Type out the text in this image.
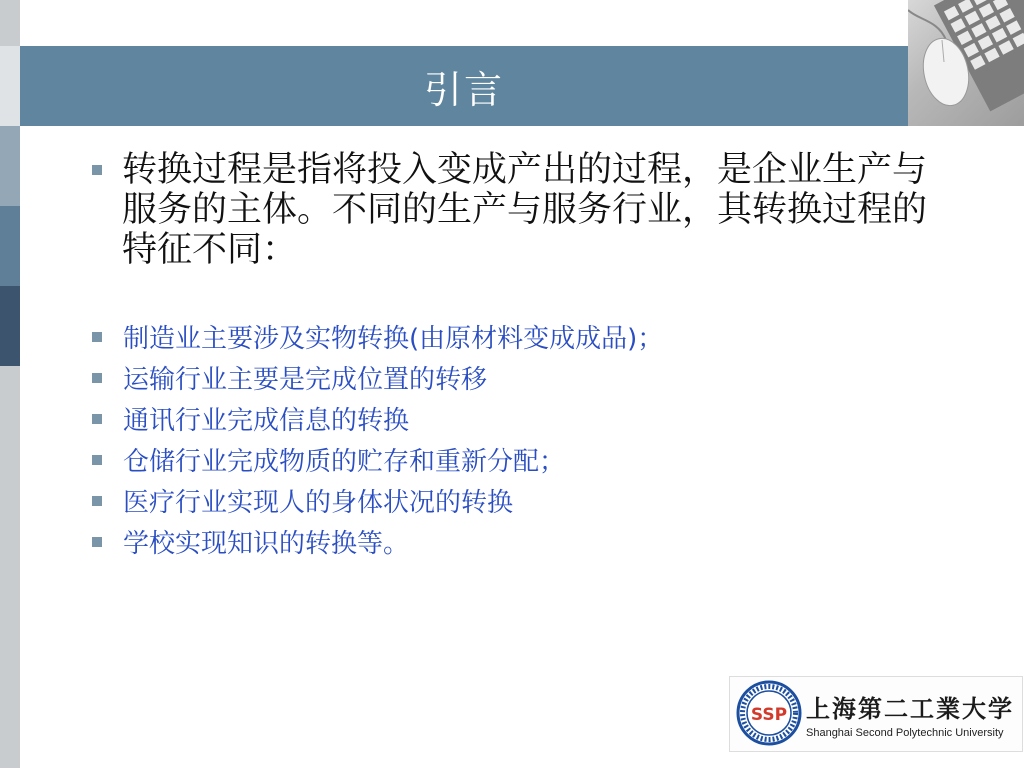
引言
转换过程是指将投入变成产出的过程，是企业生产与服务的主体。不同的生产与服务行业，其转换过程的特征不同：
制造业主要涉及实物转换(由原材料变成成品)；
运输行业主要是完成位置的转移
通讯行业完成信息的转换
仓储行业完成物质的贮存和重新分配；
医疗行业实现人的身体状况的转换
学校实现知识的转换等。
SSP 上海第二工業大学
Shanghai Second Polytechnic University
